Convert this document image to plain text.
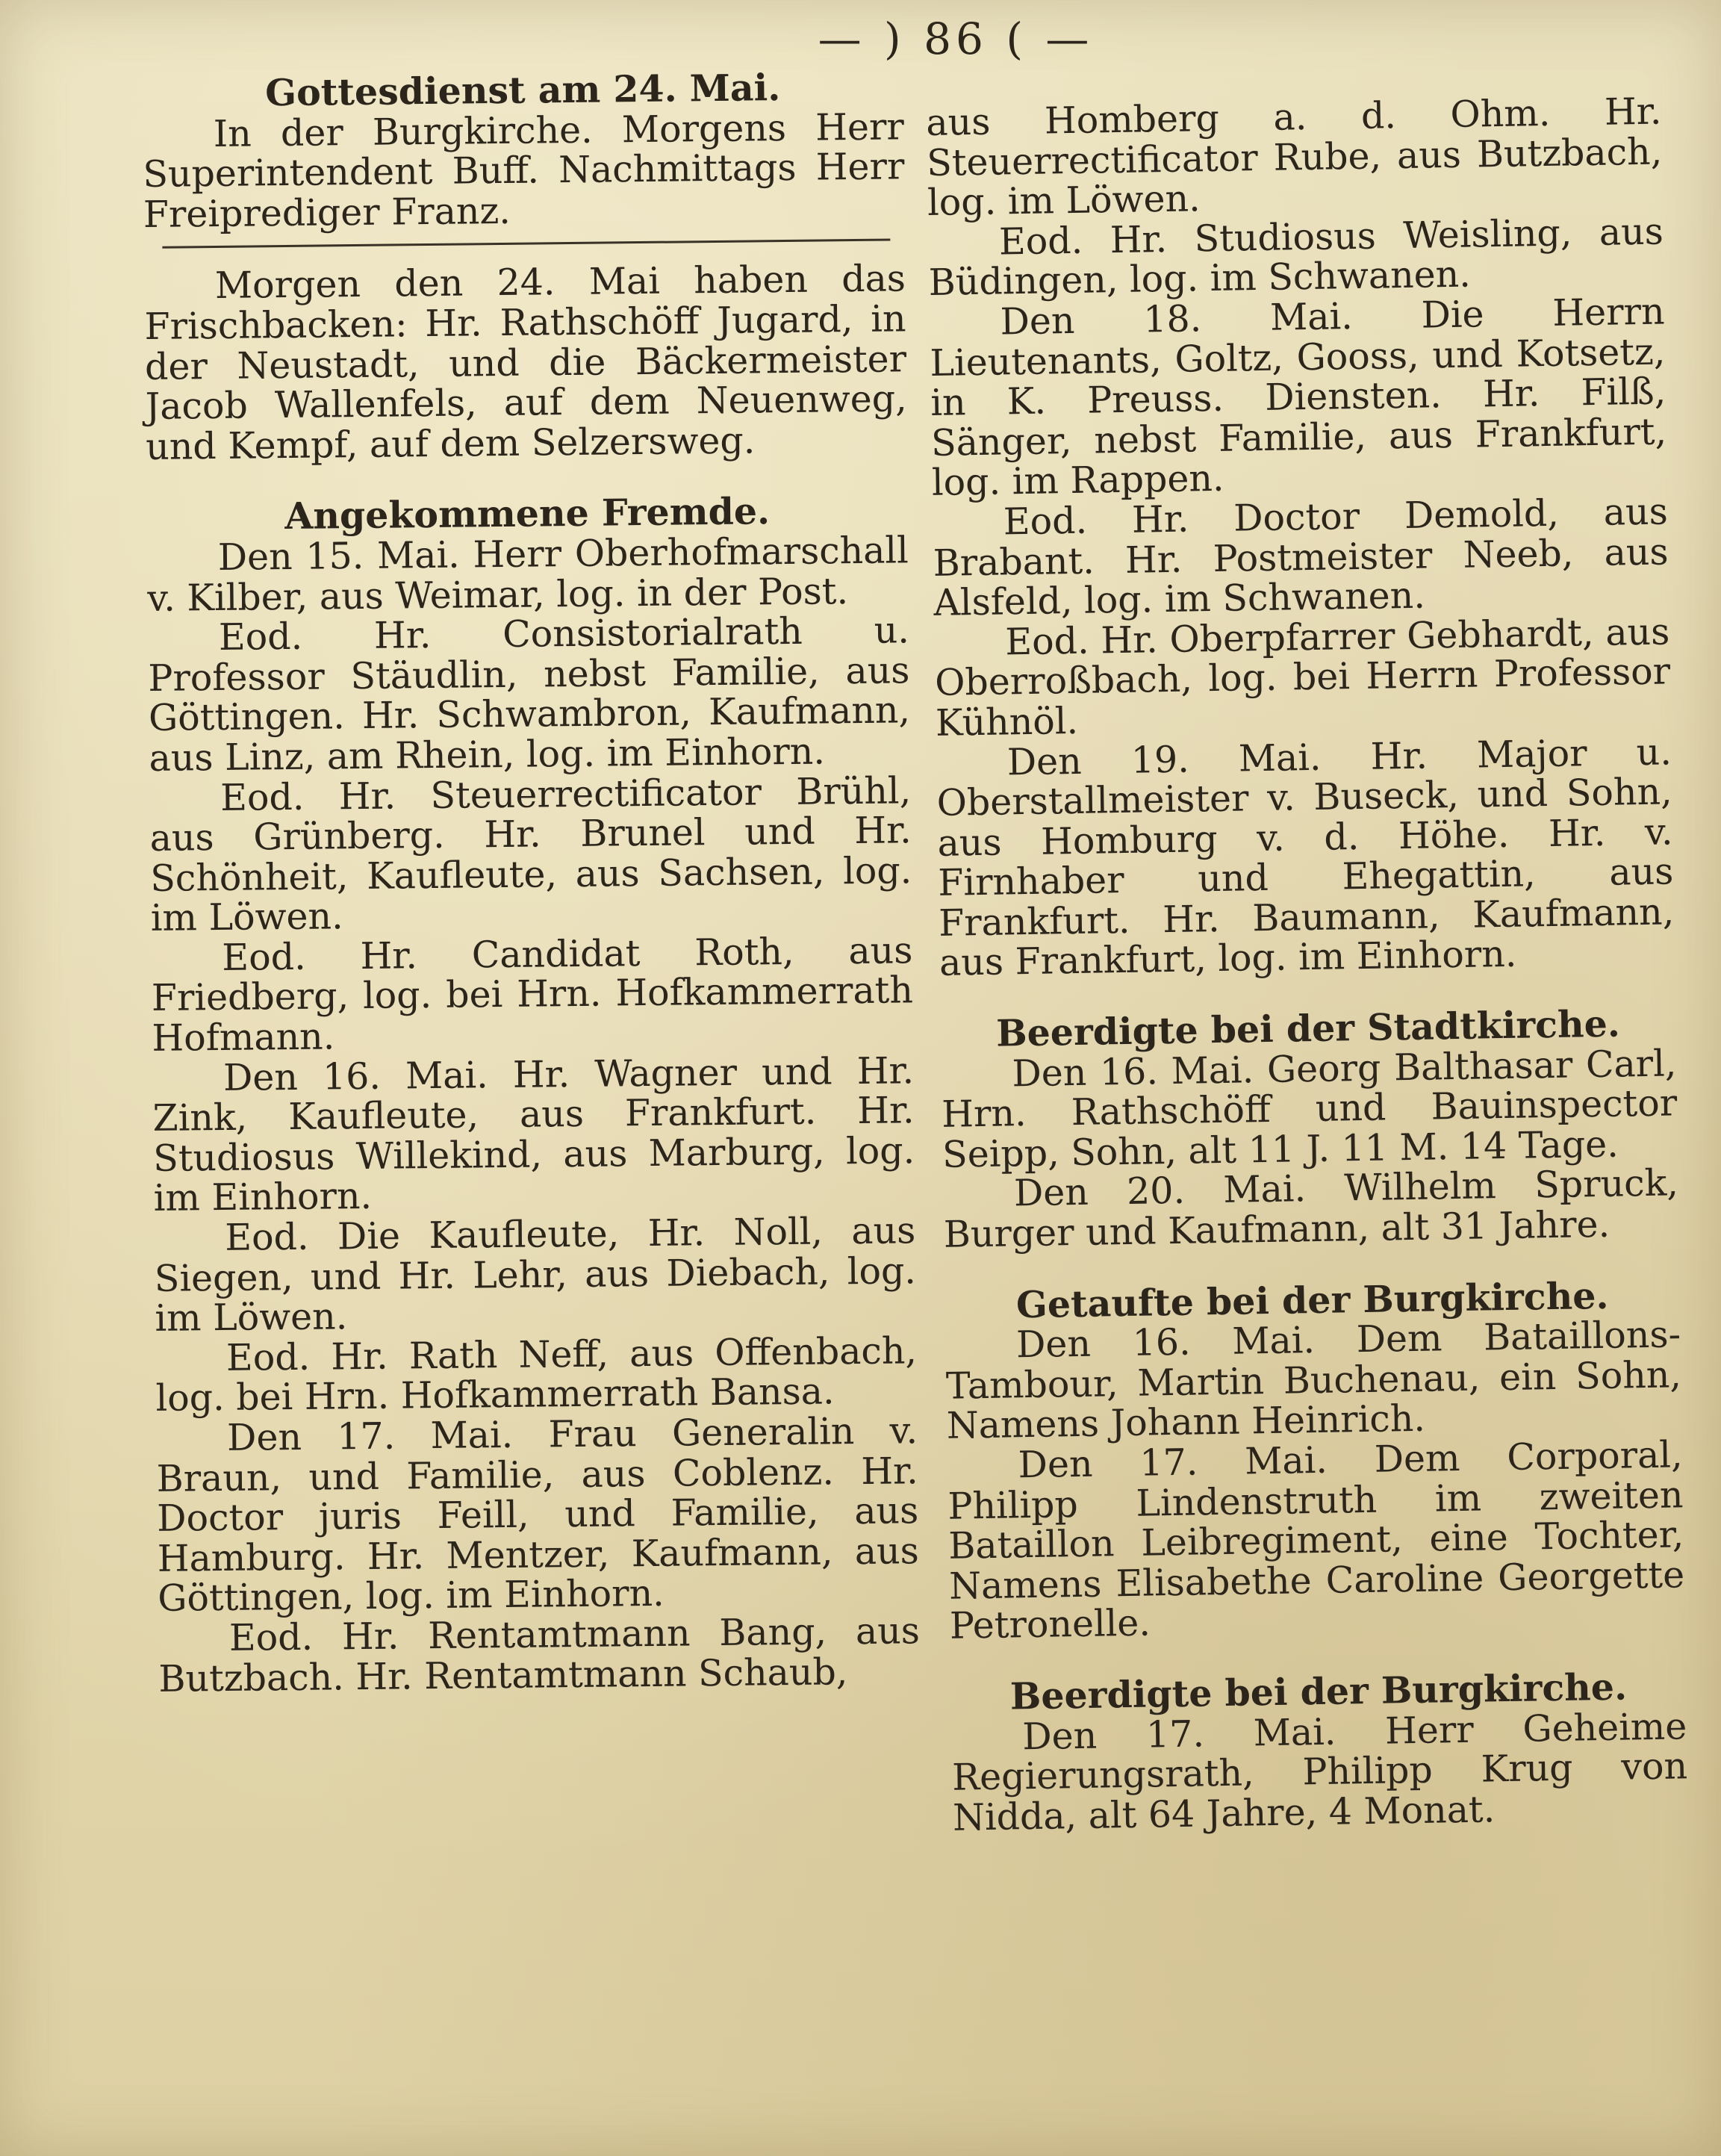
— ) 86 ( —
Gottesdienst am 24. Mai.
In der Burgkirche. Morgens Herr Superintendent Buff. Nachmittags Herr Freiprediger Franz.
Morgen den 24. Mai haben das Frischbacken: Hr. Rathschöff Jugard, in der Neustadt, und die Bäckermeister Jacob Wallenfels, auf dem Neuenweg, und Kempf, auf dem Selzersweg.
Angekommene Fremde.
Den 15. Mai. Herr Oberhofmarschall v. Kilber, aus Weimar, log. in der Post.
Eod. Hr. Consistorialrath u. Professor Stäudlin, nebst Familie, aus Göttingen. Hr. Schwambron, Kaufmann, aus Linz, am Rhein, log. im Einhorn.
Eod. Hr. Steuerrectificator Brühl, aus Grünberg. Hr. Brunel und Hr. Schönheit, Kaufleute, aus Sachsen, log. im Löwen.
Eod. Hr. Candidat Roth, aus Friedberg, log. bei Hrn. Hofkammerrath Hofmann.
Den 16. Mai. Hr. Wagner und Hr. Zink, Kaufleute, aus Frankfurt. Hr. Studiosus Willekind, aus Marburg, log. im Einhorn.
Eod. Die Kaufleute, Hr. Noll, aus Siegen, und Hr. Lehr, aus Diebach, log. im Löwen.
Eod. Hr. Rath Neff, aus Offenbach, log. bei Hrn. Hofkammerrath Bansa.
Den 17. Mai. Frau Generalin v. Braun, und Familie, aus Coblenz. Hr. Doctor juris Feill, und Familie, aus Hamburg. Hr. Mentzer, Kaufmann, aus Göttingen, log. im Einhorn.
Eod. Hr. Rentamtmann Bang, aus Butzbach. Hr. Rentamtmann Schaub,
aus Homberg a. d. Ohm. Hr. Steuerrectificator Rube, aus Butzbach, log. im Löwen.
Eod. Hr. Studiosus Weisling, aus Büdingen, log. im Schwanen.
Den 18. Mai. Die Herrn Lieutenants, Goltz, Gooss, und Kotsetz, in K. Preuss. Diensten. Hr. Filß, Sänger, nebst Familie, aus Frankfurt, log. im Rappen.
Eod. Hr. Doctor Demold, aus Brabant. Hr. Postmeister Neeb, aus Alsfeld, log. im Schwanen.
Eod. Hr. Oberpfarrer Gebhardt, aus Oberroßbach, log. bei Herrn Professor Kühnöl.
Den 19. Mai. Hr. Major u. Oberstallmeister v. Buseck, und Sohn, aus Homburg v. d. Höhe. Hr. v. Firnhaber und Ehegattin, aus Frankfurt. Hr. Baumann, Kaufmann, aus Frankfurt, log. im Einhorn.
Beerdigte bei der Stadtkirche.
Den 16. Mai. Georg Balthasar Carl, Hrn. Rathschöff und Bauinspector Seipp, Sohn, alt 11 J. 11 M. 14 Tage.
Den 20. Mai. Wilhelm Spruck, Burger und Kaufmann, alt 31 Jahre.
Getaufte bei der Burgkirche.
Den 16. Mai. Dem Bataillons-Tambour, Martin Buchenau, ein Sohn, Namens Johann Heinrich.
Den 17. Mai. Dem Corporal, Philipp Lindenstruth im zweiten Bataillon Leibregiment, eine Tochter, Namens Elisabethe Caroline Georgette Petronelle.
Beerdigte bei der Burgkirche.
Den 17. Mai. Herr Geheime Regierungsrath, Philipp Krug von Nidda, alt 64 Jahre, 4 Monat.
